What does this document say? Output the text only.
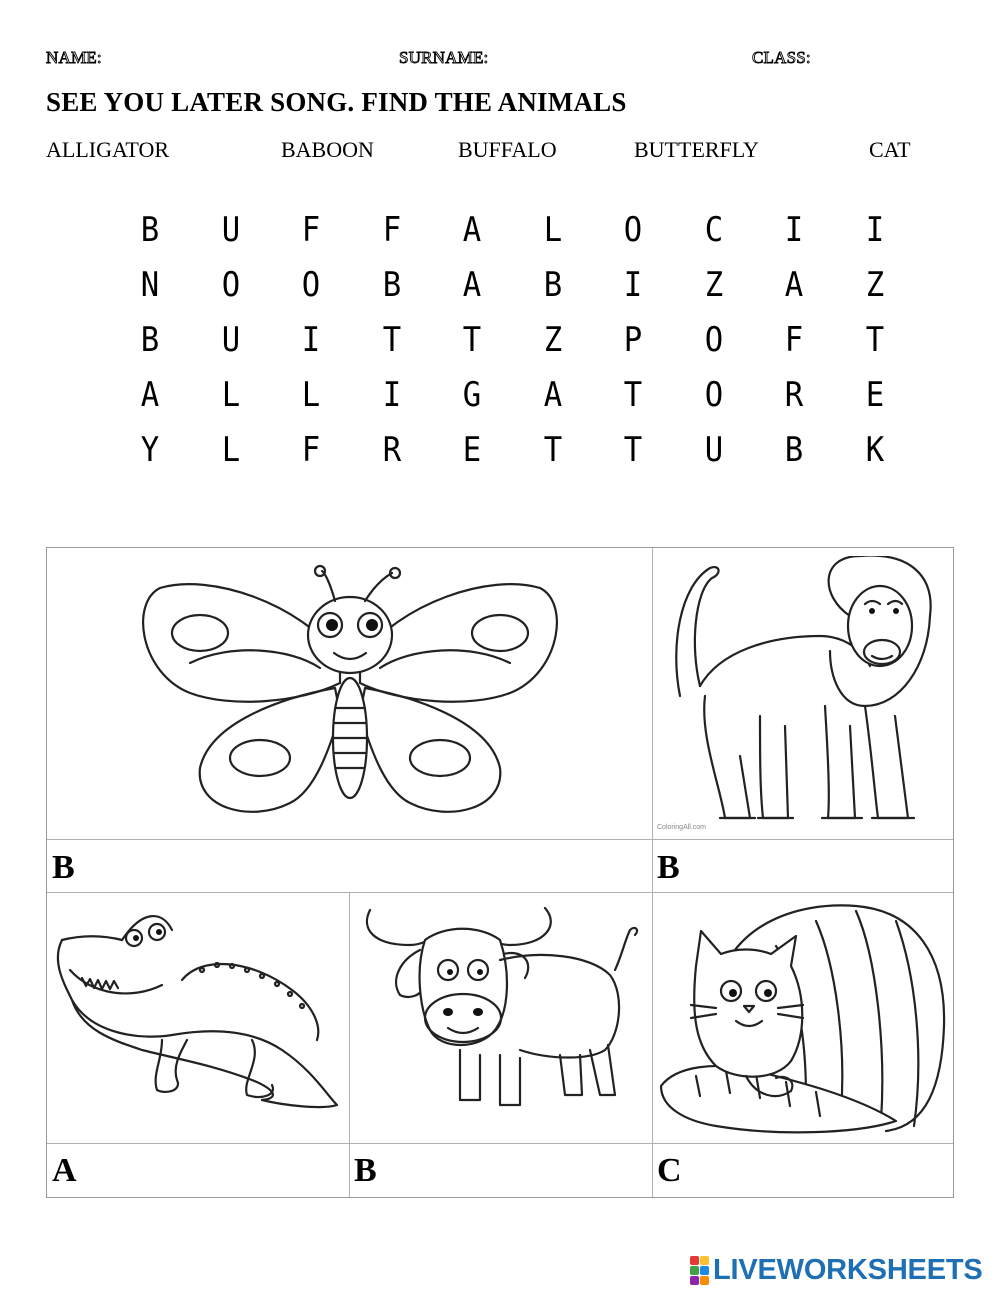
NAME:	SURNAME:	CLASS:
SEE YOU LATER SONG. FIND THE ANIMALS
ALLIGATOR	BABOON	BUFFALO	BUTTERFLY	CAT
B	U	F	F	A	L	O	C	I	I
N	O	O	B	A	B	I	Z	A	Z
B	U	I	T	T	Z	P	O	F	T
A	L	L	I	G	A	T	O	R	E
Y	L	F	R	E	T	T	U	B	K
B	B
A	B	C
ColoringAll.com
LIVEWORKSHEETS
